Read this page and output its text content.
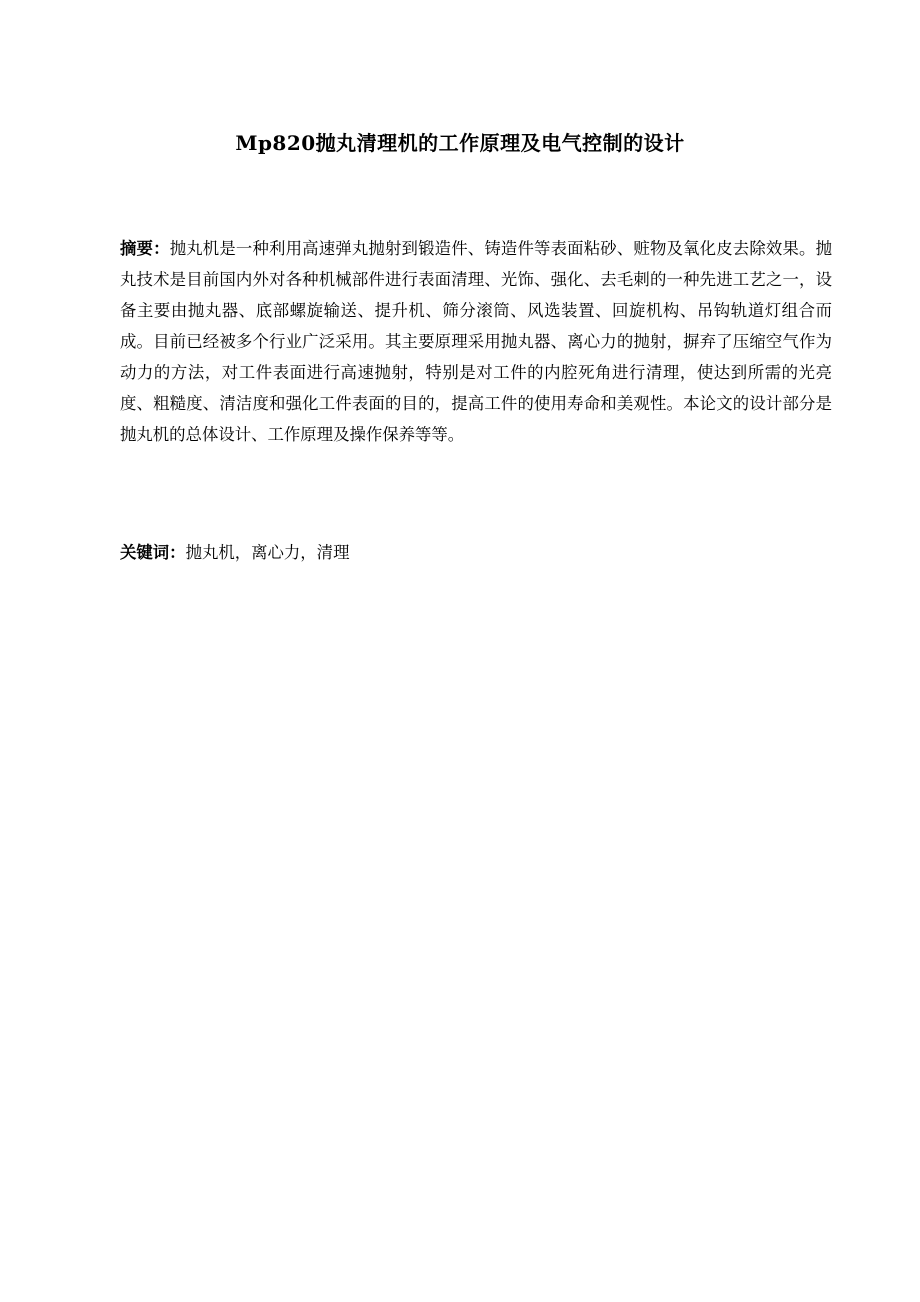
Mp820抛丸清理机的工作原理及电气控制的设计

摘要：抛丸机是一种利用高速弹丸抛射到锻造件、铸造件等表面粘砂、赃物及氧化皮去除效果。抛丸技术是目前国内外对各种机械部件进行表面清理、光饰、强化、去毛刺的一种先进工艺之一，设备主要由抛丸器、底部螺旋输送、提升机、筛分滚筒、风选装置、回旋机构、吊钩轨道灯组合而成。目前已经被多个行业广泛采用。其主要原理采用抛丸器、离心力的抛射，摒弃了压缩空气作为动力的方法，对工件表面进行高速抛射，特别是对工件的内腔死角进行清理，使达到所需的光亮度、粗糙度、清洁度和强化工件表面的目的，提高工件的使用寿命和美观性。本论文的设计部分是抛丸机的总体设计、工作原理及操作保养等等。

关键词：抛丸机，离心力，清理
